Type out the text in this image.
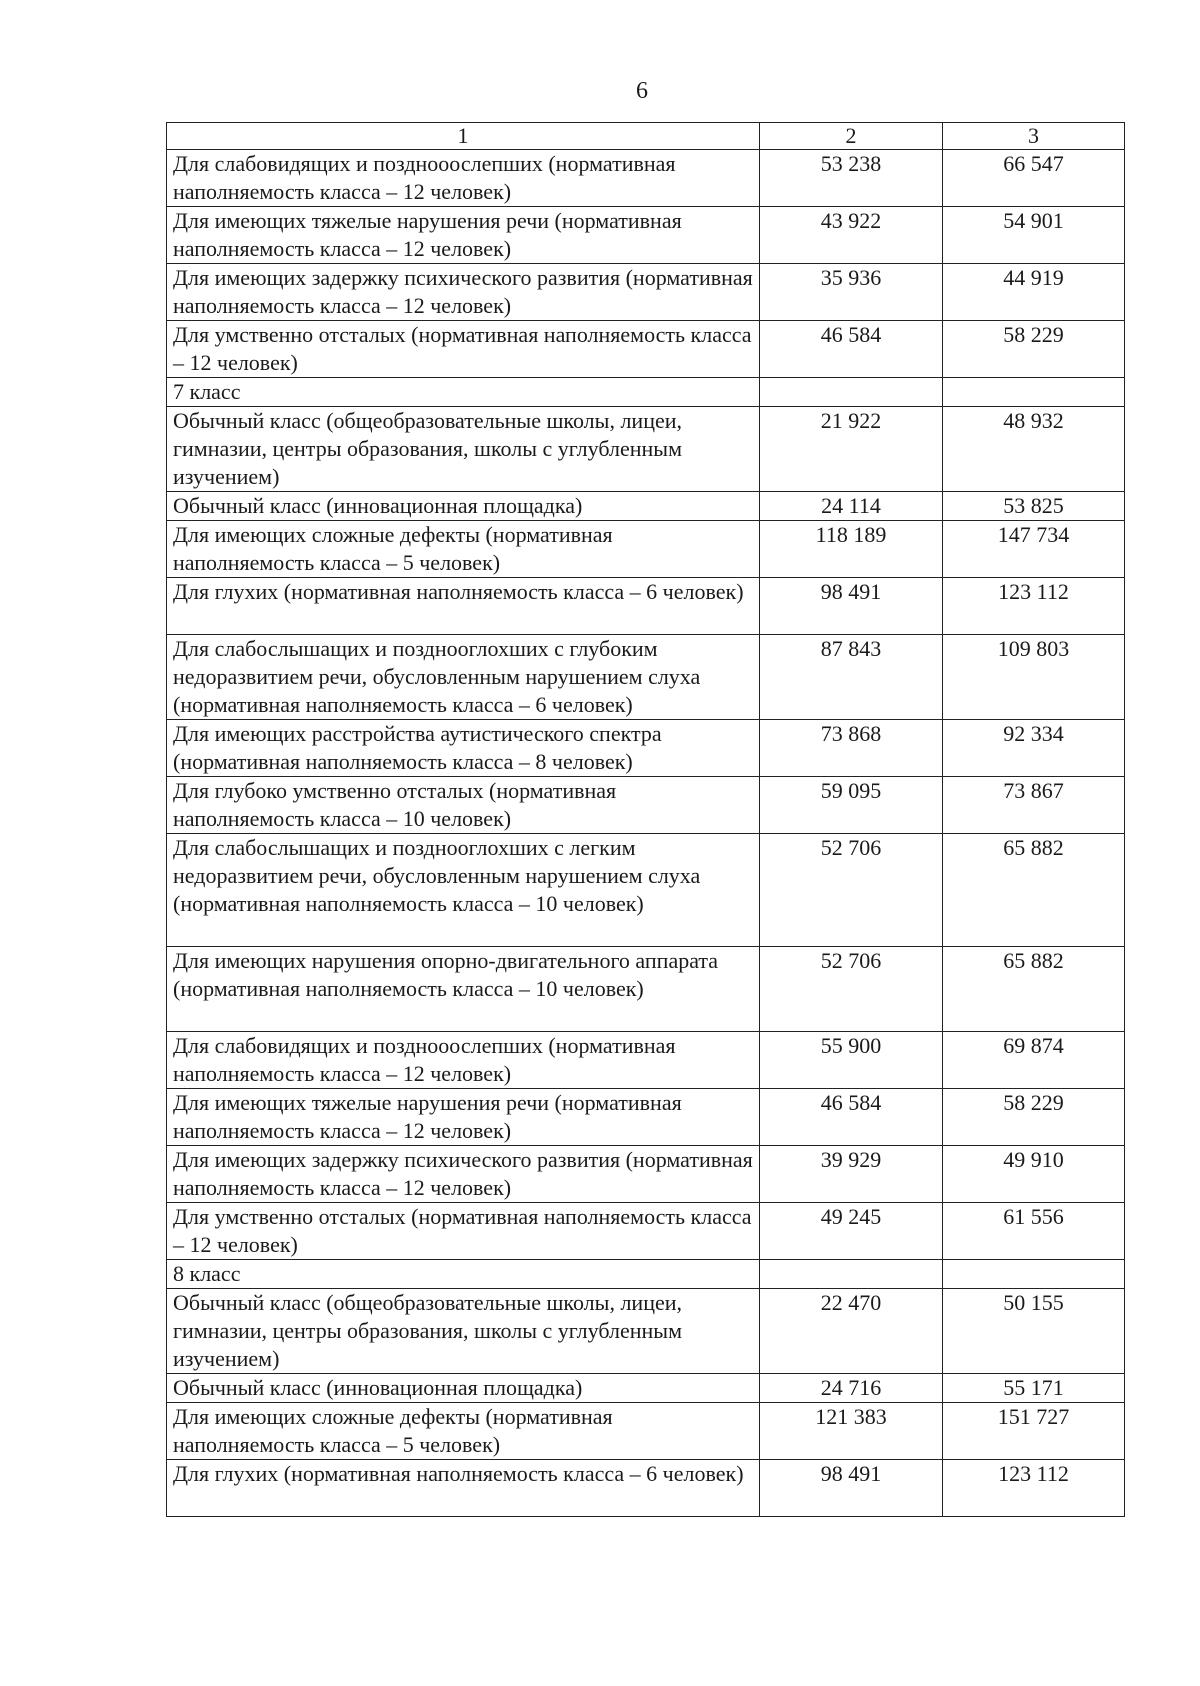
6
1	2	3
Для слабовидящих и позднооослепших (нормативная наполняемость класса – 12 человек)	53 238	66 547
Для имеющих тяжелые нарушения речи (нормативная наполняемость класса – 12 человек)	43 922	54 901
Для имеющих задержку психического развития (нормативная наполняемость класса – 12 человек)	35 936	44 919
Для умственно отсталых (нормативная наполняемость класса – 12 человек)	46 584	58 229
7 класс		
Обычный класс (общеобразовательные школы, лицеи, гимназии, центры образования, школы с углубленным изучением)	21 922	48 932
Обычный класс (инновационная площадка)	24 114	53 825
Для имеющих сложные дефекты (нормативная наполняемость класса – 5 человек)	118 189	147 734
Для глухих (нормативная наполняемость класса – 6 человек)	98 491	123 112
Для слабослышащих и позднооглохших с глубоким недоразвитием речи, обусловленным нарушением слуха (нормативная наполняемость класса – 6 человек)	87 843	109 803
Для имеющих расстройства аутистического спектра (нормативная наполняемость класса – 8 человек)	73 868	92 334
Для глубоко умственно отсталых (нормативная наполняемость класса – 10 человек)	59 095	73 867
Для слабослышащих и позднооглохших с легким недоразвитием речи, обусловленным нарушением слуха (нормативная наполняемость класса – 10 человек)	52 706	65 882
Для имеющих нарушения опорно-двигательного аппарата (нормативная наполняемость класса – 10 человек)	52 706	65 882
Для слабовидящих и позднооослепших (нормативная наполняемость класса – 12 человек)	55 900	69 874
Для имеющих тяжелые нарушения речи (нормативная наполняемость класса – 12 человек)	46 584	58 229
Для имеющих задержку психического развития (нормативная наполняемость класса – 12 человек)	39 929	49 910
Для умственно отсталых (нормативная наполняемость класса – 12 человек)	49 245	61 556
8 класс		
Обычный класс (общеобразовательные школы, лицеи, гимназии, центры образования, школы с углубленным изучением)	22 470	50 155
Обычный класс (инновационная площадка)	24 716	55 171
Для имеющих сложные дефекты (нормативная наполняемость класса – 5 человек)	121 383	151 727
Для глухих (нормативная наполняемость класса – 6 человек)	98 491	123 112
